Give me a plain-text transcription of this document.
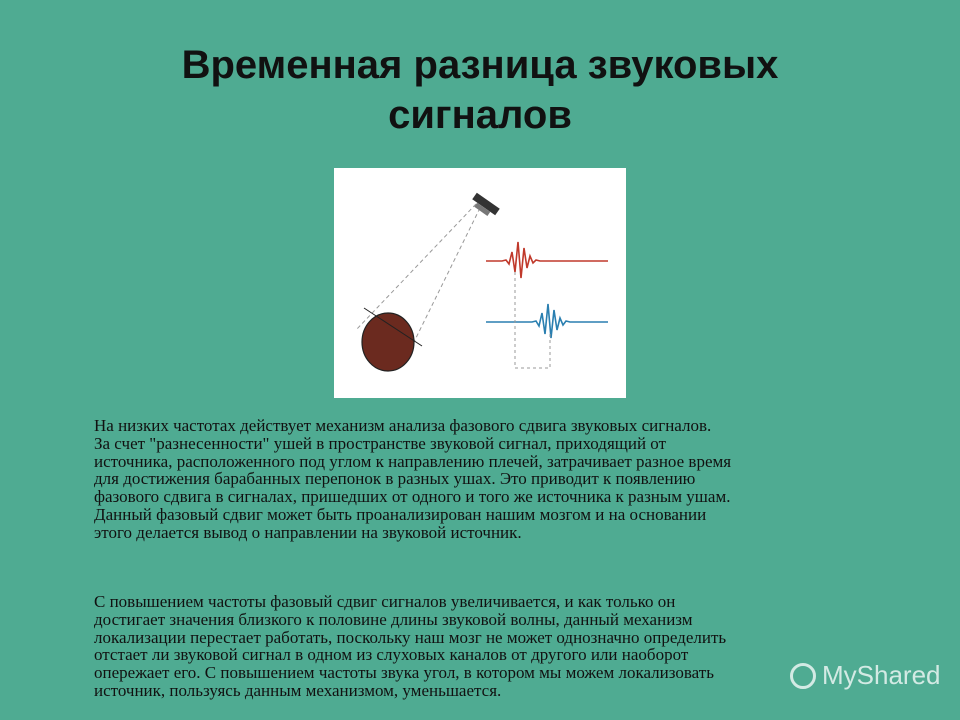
Временная разница звуковых
сигналов
На низких частотах действует механизм анализа фазового сдвига звуковых сигналов.
За счет "разнесенности" ушей в пространстве звуковой сигнал, приходящий от
источника, расположенного под углом к направлению плечей, затрачивает разное время
для достижения барабанных перепонок в разных ушах. Это приводит к появлению
фазового сдвига в сигналах, пришедших от одного и того же источника к разным ушам.
Данный фазовый сдвиг может быть проанализирован нашим мозгом и на основании
этого делается вывод о направлении на звуковой источник.
С повышением частоты фазовый сдвиг сигналов увеличивается, и как только он
достигает значения близкого к половине длины звуковой волны, данный механизм
локализации перестает работать, поскольку наш мозг не может однозначно определить
отстает ли звуковой сигнал в одном из слуховых каналов от другого или наоборот
опережает его. С повышением частоты звука угол, в котором мы можем локализовать
источник, пользуясь данным механизмом, уменьшается.
MyShared
